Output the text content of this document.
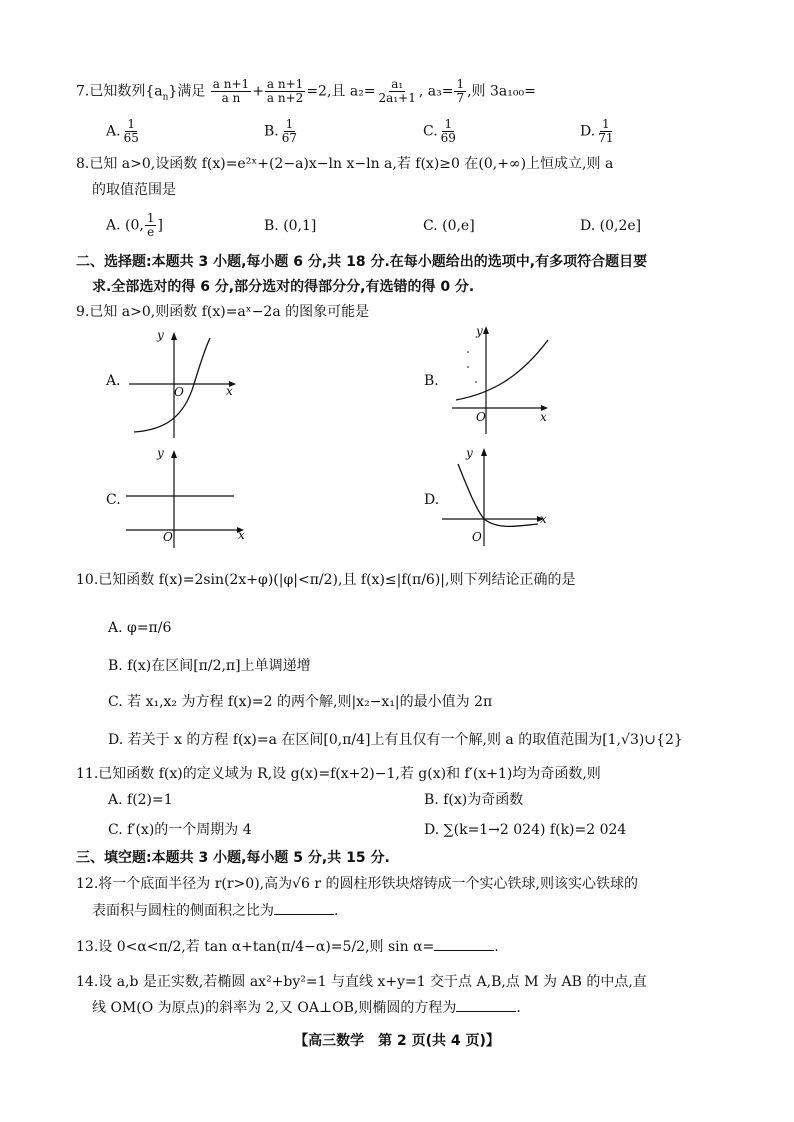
7.已知数列$\{a_n\}$满足 $\frac{\text{a n+1}}{\text{a n}} + \frac{\text{a n+1}}{\text{a n+2}} =2$,且 $a_2= \frac{\text{a₁}}{\text{2a₁+1}}$ , $a_3= \frac{1}{7}$ ,则 3a₁₀₀=
A. $\frac{1}{65}$	B. $\frac{1}{67}$	C. $\frac{1}{69}$	D. $\frac{1}{71}$
8.已知 a>0,设函数 f(x)=e²ˣ+(2−a)x−ln x−ln a,若 f(x)≥0 在(0,+∞)上恒成立,则 a
的取值范围是
A. (0, $\frac{1}{e}$ ]	B. (0,1]	C. (0,e]	D. (0,2e]
二、选择题:本题共 3 小题,每小题 6 分,共 18 分.在每小题给出的选项中,有多项符合题目要
求.全部选对的得 6 分,部分选对的得部分分,有选错的得 0 分.
9.已知 a>0,则函数 f(x)=aˣ−2a 的图象可能是
A.
y
x
O
B.
y
x
O
C.
y
x
O
D.
y
x
O
10.已知函数 f(x)=2sin(2x+φ)(|φ|<π/2),且 f(x)≤|f(π/6)|,则下列结论正确的是
A. φ=π/6
B. f(x)在区间[π/2,π]上单调递增
C. 若 x₁,x₂ 为方程 f(x)=2 的两个解,则|x₂−x₁|的最小值为 2π
D. 若关于 x 的方程 f(x)=a 在区间[0,π/4]上有且仅有一个解,则 a 的取值范围为[1,√3)∪{2}
11.已知函数 f(x)的定义域为 R,设 g(x)=f(x+2)−1,若 g(x)和 f′(x+1)均为奇函数,则
A. f(2)=1	B. f(x)为奇函数
C. f′(x)的一个周期为 4	D. ∑(k=1→2 024) f(k)=2 024
三、填空题:本题共 3 小题,每小题 5 分,共 15 分.
12.将一个底面半径为 r(r>0),高为√6 r 的圆柱形铁块熔铸成一个实心铁球,则该实心铁球的
表面积与圆柱的侧面积之比为	.
13.设 0<α<π/2,若 tan α+tan(π/4−α)=5/2,则 sin α=	.
14.设 a,b 是正实数,若椭圆 ax²+by²=1 与直线 x+y=1 交于点 A,B,点 M 为 AB 的中点,直
线 OM(O 为原点)的斜率为 2,又 OA⊥OB,则椭圆的方程为	.
【高三数学　第 2 页(共 4 页)】
